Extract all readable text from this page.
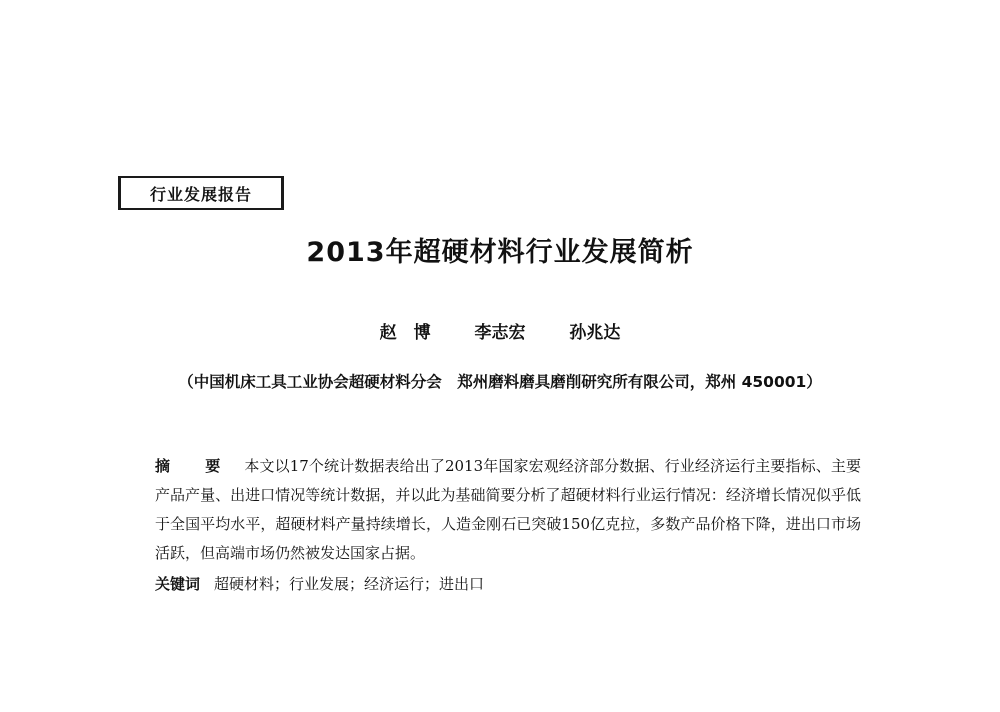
行业发展报告
2013年超硬材料行业发展简析
赵　博	李志宏	孙兆达
（中国机床工具工业协会超硬材料分会　郑州磨料磨具磨削研究所有限公司，郑州 450001）
摘　要 本文以17个统计数据表给出了2013年国家宏观经济部分数据、行业经济运行主要指标、主要产品产量、出进口情况等统计数据，并以此为基础简要分析了超硬材料行业运行情况：经济增长情况似乎低于全国平均水平，超硬材料产量持续增长，人造金刚石已突破150亿克拉，多数产品价格下降，进出口市场活跃，但高端市场仍然被发达国家占据。
关键词 超硬材料；行业发展；经济运行；进出口
